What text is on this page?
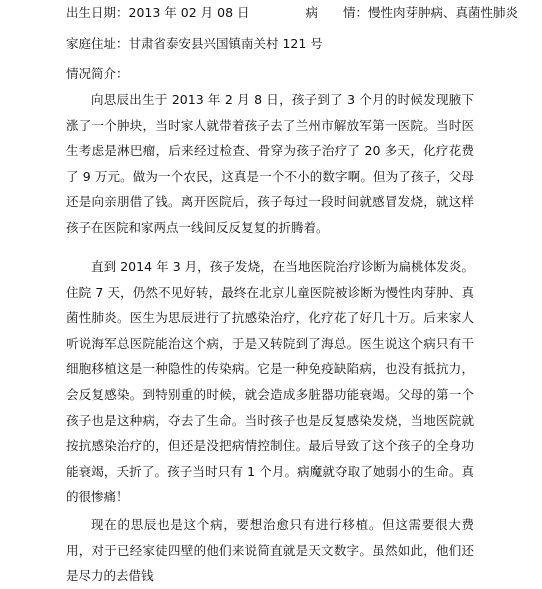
出生日期：2013 年 02 月 08 日	病　　情：慢性肉芽肿病、真菌性肺炎
家庭住址：甘肃省泰安县兴国镇南关村 121 号
情况简介：

向思辰出生于 2013 年 2 月 8 日，孩子到了 3 个月的时候发现腋下涨了一个肿块，当时家人就带着孩子去了兰州市解放军第一医院。当时医生考虑是淋巴瘤，后来经过检查、骨穿为孩子治疗了 20 多天，化疗花费了 9 万元。做为一个农民，这真是一个不小的数字啊。但为了孩子，父母还是向亲朋借了钱。离开医院后，孩子每过一段时间就感冒发烧，就这样孩子在医院和家两点一线间反反复复的折腾着。

直到 2014 年 3 月，孩子发烧，在当地医院治疗诊断为扁桃体发炎。住院 7 天，仍然不见好转，最终在北京儿童医院被诊断为慢性肉芽肿、真菌性肺炎。医生为思辰进行了抗感染治疗，化疗花了好几十万。后来家人听说海军总医院能治这个病，于是又转院到了海总。医生说这个病只有干细胞移植这是一种隐性的传染病。它是一种免疫缺陷病，也没有抵抗力，会反复感染。到特别重的时候，就会造成多脏器功能衰竭。父母的第一个孩子也是这种病，夺去了生命。当时孩子也是反复感染发烧，当地医院就按抗感染治疗的，但还是没把病情控制住。最后导致了这个孩子的全身功能衰竭，夭折了。孩子当时只有 1 个月。病魔就夺取了她弱小的生命。真的很惨痛！

现在的思辰也是这个病，要想治愈只有进行移植。但这需要很大费用，对于已经家徒四壁的他们来说简直就是天文数字。虽然如此，他们还是尽力的去借钱
